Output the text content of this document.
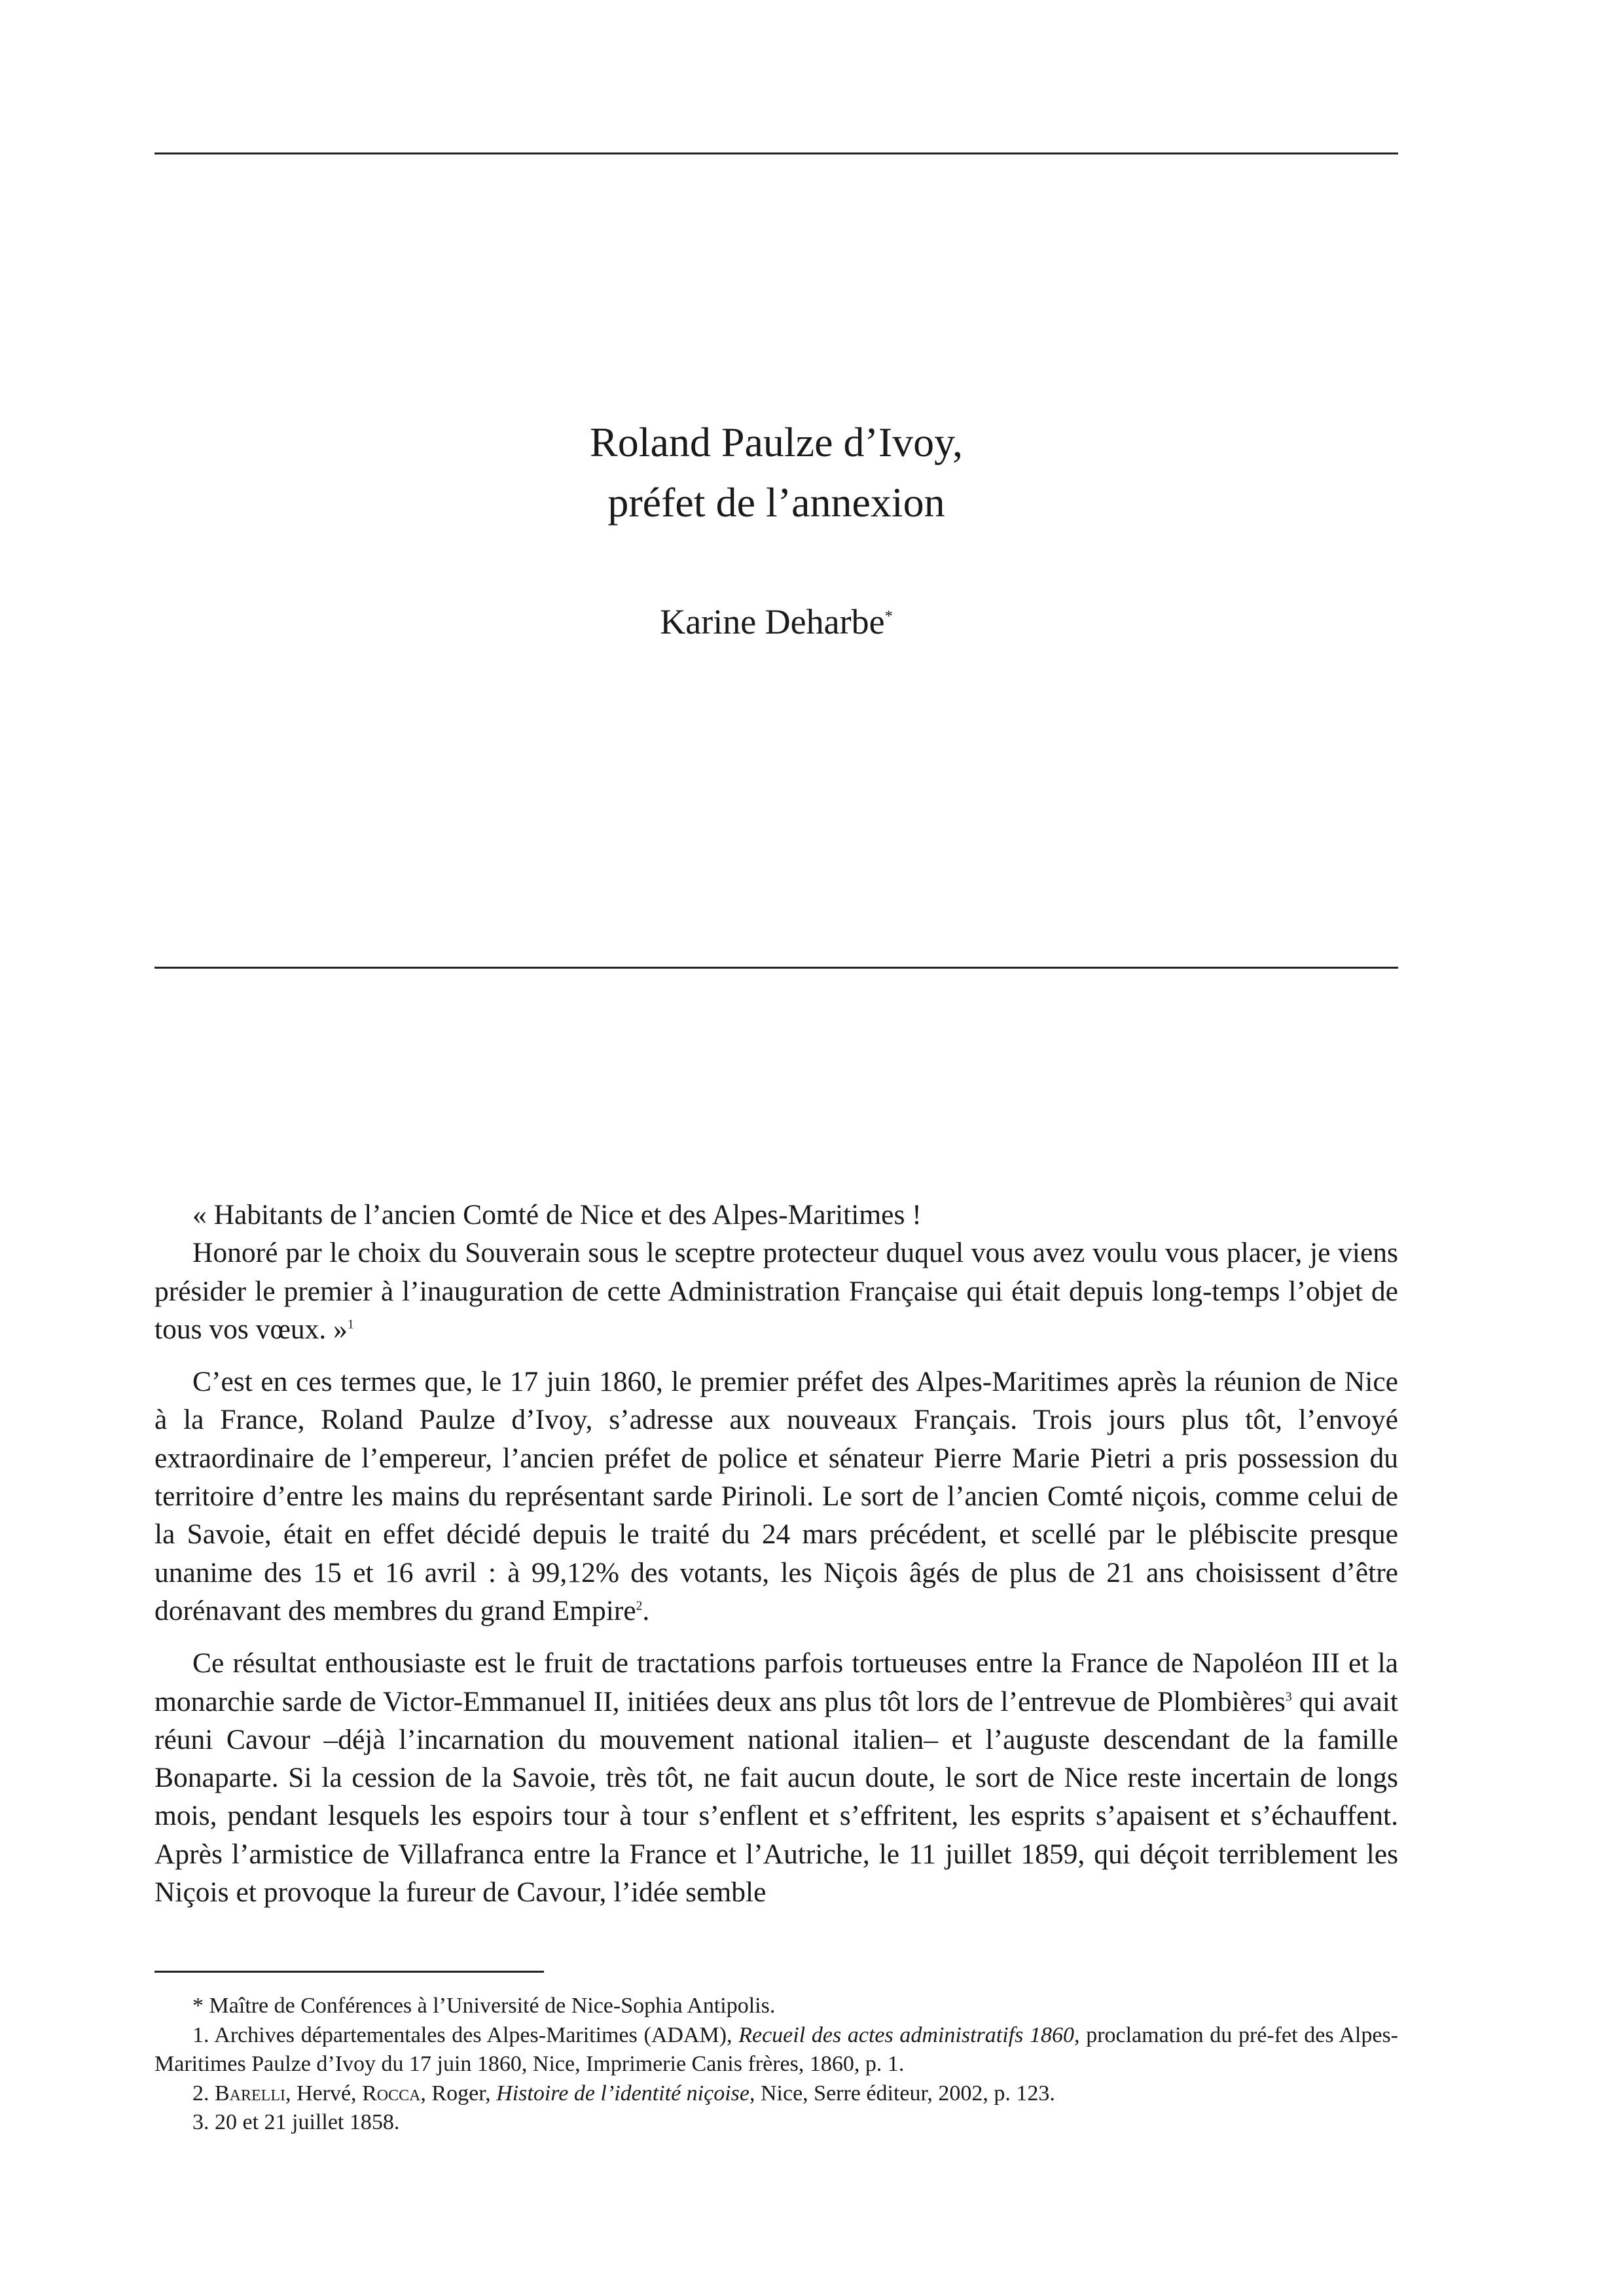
Roland Paulze d’Ivoy,
préfet de l’annexion
Karine Deharbe*

« Habitants de l’ancien Comté de Nice et des Alpes-Maritimes !

Honoré par le choix du Souverain sous le sceptre protecteur duquel vous avez voulu vous placer, je viens présider le premier à l’inauguration de cette Administration Française qui était depuis long-temps l’objet de tous vos vœux. »$^1$

C’est en ces termes que, le 17 juin 1860, le premier préfet des Alpes-Maritimes après la réunion de Nice à la France, Roland Paulze d’Ivoy, s’adresse aux nouveaux Français. Trois jours plus tôt, l’envoyé extraordinaire de l’empereur, l’ancien préfet de police et sénateur Pierre Marie Pietri a pris possession du territoire d’entre les mains du représentant sarde Pirinoli. Le sort de l’ancien Comté niçois, comme celui de la Savoie, était en effet décidé depuis le traité du 24 mars précédent, et scellé par le plébiscite presque unanime des 15 et 16 avril : à 99,12% des votants, les Niçois âgés de plus de 21 ans choisissent d’être dorénavant des membres du grand Empire$^2$.

Ce résultat enthousiaste est le fruit de tractations parfois tortueuses entre la France de Napoléon III et la monarchie sarde de Victor-Emmanuel II, initiées deux ans plus tôt lors de l’entrevue de Plombières$^3$ qui avait réuni Cavour –déjà l’incarnation du mouvement national italien– et l’auguste descendant de la famille Bonaparte. Si la cession de la Savoie, très tôt, ne fait aucun doute, le sort de Nice reste incertain de longs mois, pendant lesquels les espoirs tour à tour s’enflent et s’effritent, les esprits s’apaisent et s’échauffent. Après l’armistice de Villafranca entre la France et l’Autriche, le 11 juillet 1859, qui déçoit terriblement les Niçois et provoque la fureur de Cavour, l’idée semble

* Maître de Conférences à l’Université de Nice-Sophia Antipolis.

1. Archives départementales des Alpes-Maritimes (ADAM), Recueil des actes administratifs 1860, proclamation du pré-fet des Alpes-Maritimes Paulze d’Ivoy du 17 juin 1860, Nice, Imprimerie Canis frères, 1860, p. 1.

2. Barelli, Hervé, Rocca, Roger, Histoire de l’identité niçoise, Nice, Serre éditeur, 2002, p. 123.

3. 20 et 21 juillet 1858.
